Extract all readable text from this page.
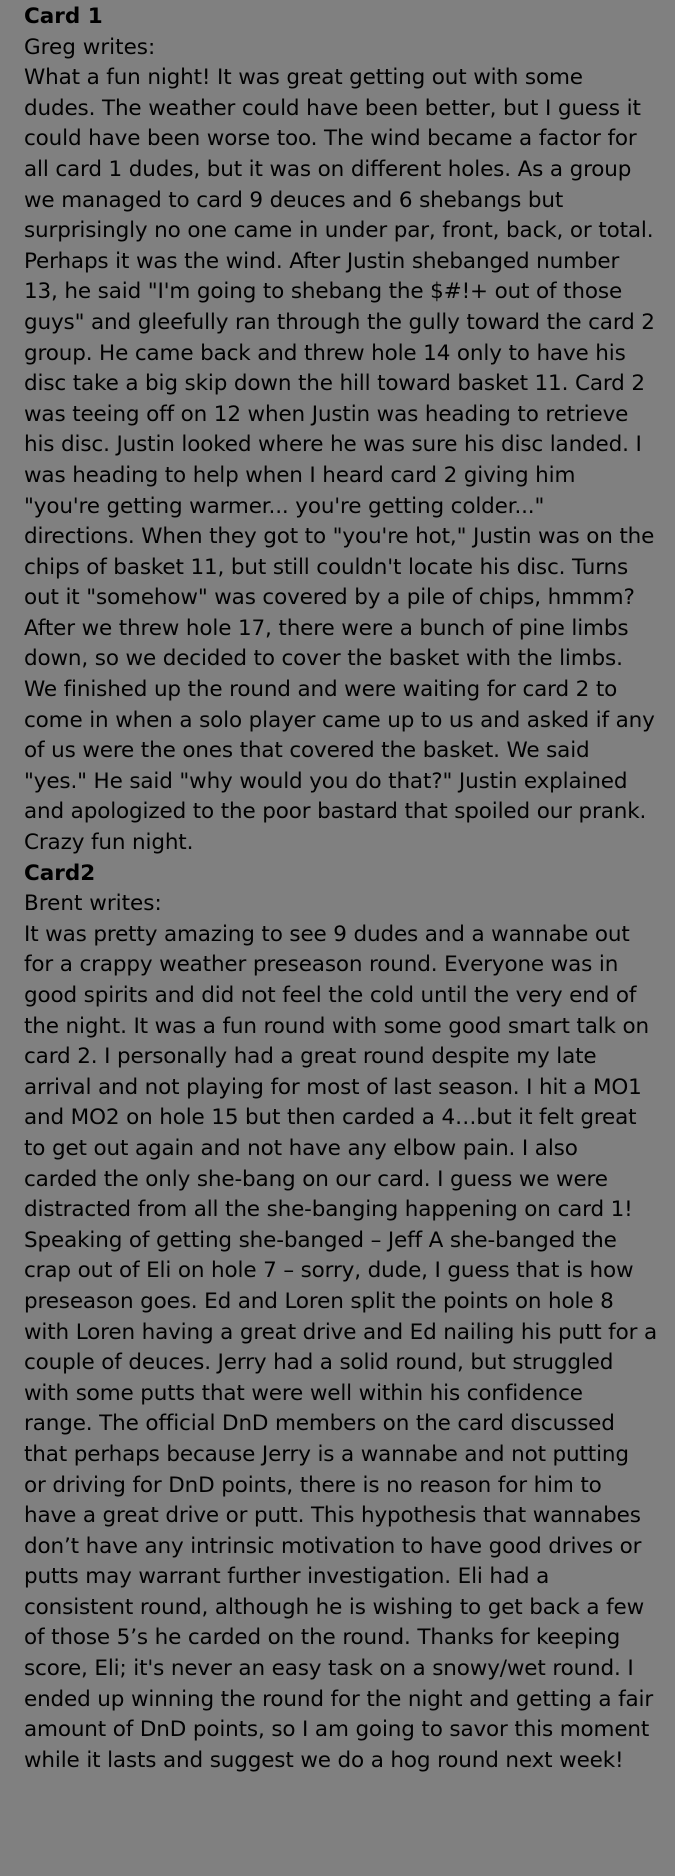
Card 1

Greg writes:

What a fun night! It was great getting out with some dudes. The weather could have been better, but I guess it could have been worse too. The wind became a factor for all card 1 dudes, but it was on different holes. As a group we managed to card 9 deuces and 6 shebangs but surprisingly no one came in under par, front, back, or total. Perhaps it was the wind. After Justin shebanged number 13, he said "I'm going to shebang the $#!+ out of those guys" and gleefully ran through the gully toward the card 2 group. He came back and threw hole 14 only to have his disc take a big skip down the hill toward basket 11. Card 2 was teeing off on 12 when Justin was heading to retrieve his disc. Justin looked where he was sure his disc landed. I was heading to help when I heard card 2 giving him "you're getting warmer... you're getting colder..." directions. When they got to "you're hot," Justin was on the chips of basket 11, but still couldn't locate his disc. Turns out it "somehow" was covered by a pile of chips, hmmm? After we threw hole 17, there were a bunch of pine limbs down, so we decided to cover the basket with the limbs. We finished up the round and were waiting for card 2 to come in when a solo player came up to us and asked if any of us were the ones that covered the basket. We said "yes." He said "why would you do that?" Justin explained and apologized to the poor bastard that spoiled our prank. Crazy fun night.

Card2

Brent writes:

It was pretty amazing to see 9 dudes and a wannabe out for a crappy weather preseason round. Everyone was in good spirits and did not feel the cold until the very end of the night. It was a fun round with some good smart talk on card 2. I personally had a great round despite my late arrival and not playing for most of last season. I hit a MO1 and MO2 on hole 15 but then carded a 4…but it felt great to get out again and not have any elbow pain. I also carded the only she-bang on our card. I guess we were distracted from all the she-banging happening on card 1! Speaking of getting she-banged – Jeff A she-banged the crap out of Eli on hole 7 – sorry, dude, I guess that is how preseason goes. Ed and Loren split the points on hole 8 with Loren having a great drive and Ed nailing his putt for a couple of deuces. Jerry had a solid round, but struggled with some putts that were well within his confidence range. The official DnD members on the card discussed that perhaps because Jerry is a wannabe and not putting or driving for DnD points, there is no reason for him to have a great drive or putt. This hypothesis that wannabes don’t have any intrinsic motivation to have good drives or putts may warrant further investigation. Eli had a consistent round, although he is wishing to get back a few of those 5’s he carded on the round. Thanks for keeping score, Eli; it's never an easy task on a snowy/wet round. I ended up winning the round for the night and getting a fair amount of DnD points, so I am going to savor this moment while it lasts and suggest we do a hog round next week!
